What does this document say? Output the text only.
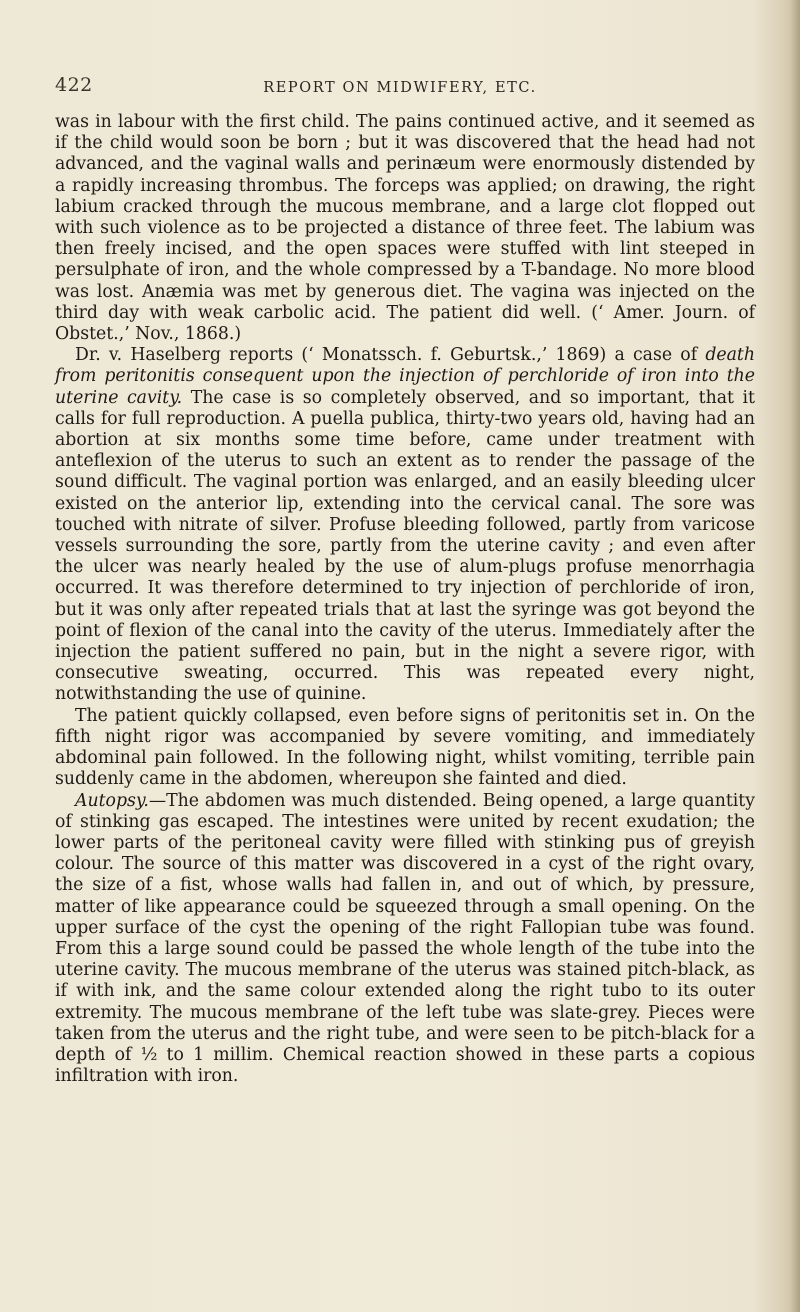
422	REPORT ON MIDWIFERY, ETC.

was in labour with the first child. The pains continued active, and it seemed as if the child would soon be born ; but it was discovered that the head had not advanced, and the vaginal walls and perinæum were enormously distended by a rapidly increasing thrombus. The forceps was applied; on drawing, the right labium cracked through the mucous membrane, and a large clot flopped out with such violence as to be projected a distance of three feet. The labium was then freely incised, and the open spaces were stuffed with lint steeped in persulphate of iron, and the whole compressed by a T-bandage. No more blood was lost. Anæmia was met by generous diet. The vagina was injected on the third day with weak carbolic acid. The patient did well. (‘ Amer. Journ. of Obstet.,’ Nov., 1868.)

Dr. v. Haselberg reports (‘ Monatssch. f. Geburtsk.,’ 1869) a case of death from peritonitis consequent upon the injection of perchloride of iron into the uterine cavity. The case is so completely observed, and so important, that it calls for full reproduction. A puella publica, thirty-two years old, having had an abortion at six months some time before, came under treatment with anteflexion of the uterus to such an extent as to render the passage of the sound difficult. The vaginal portion was enlarged, and an easily bleeding ulcer existed on the anterior lip, extending into the cervical canal. The sore was touched with nitrate of silver. Profuse bleeding followed, partly from varicose vessels surrounding the sore, partly from the uterine cavity ; and even after the ulcer was nearly healed by the use of alum-plugs profuse menorrhagia occurred. It was therefore determined to try injection of perchloride of iron, but it was only after repeated trials that at last the syringe was got beyond the point of flexion of the canal into the cavity of the uterus. Immediately after the injection the patient suffered no pain, but in the night a severe rigor, with consecutive sweating, occurred. This was repeated every night, notwithstanding the use of quinine.

The patient quickly collapsed, even before signs of peritonitis set in. On the fifth night rigor was accompanied by severe vomiting, and immediately abdominal pain followed. In the following night, whilst vomiting, terrible pain suddenly came in the abdomen, whereupon she fainted and died.

Autopsy.—The abdomen was much distended. Being opened, a large quantity of stinking gas escaped. The intestines were united by recent exudation; the lower parts of the peritoneal cavity were filled with stinking pus of greyish colour. The source of this matter was discovered in a cyst of the right ovary, the size of a fist, whose walls had fallen in, and out of which, by pressure, matter of like appearance could be squeezed through a small opening. On the upper surface of the cyst the opening of the right Fallopian tube was found. From this a large sound could be passed the whole length of the tube into the uterine cavity. The mucous membrane of the uterus was stained pitch-black, as if with ink, and the same colour extended along the right tubo to its outer extremity. The mucous membrane of the left tube was slate-grey. Pieces were taken from the uterus and the right tube, and were seen to be pitch-black for a depth of ½ to 1 millim. Chemical reaction showed in these parts a copious infiltration with iron.
